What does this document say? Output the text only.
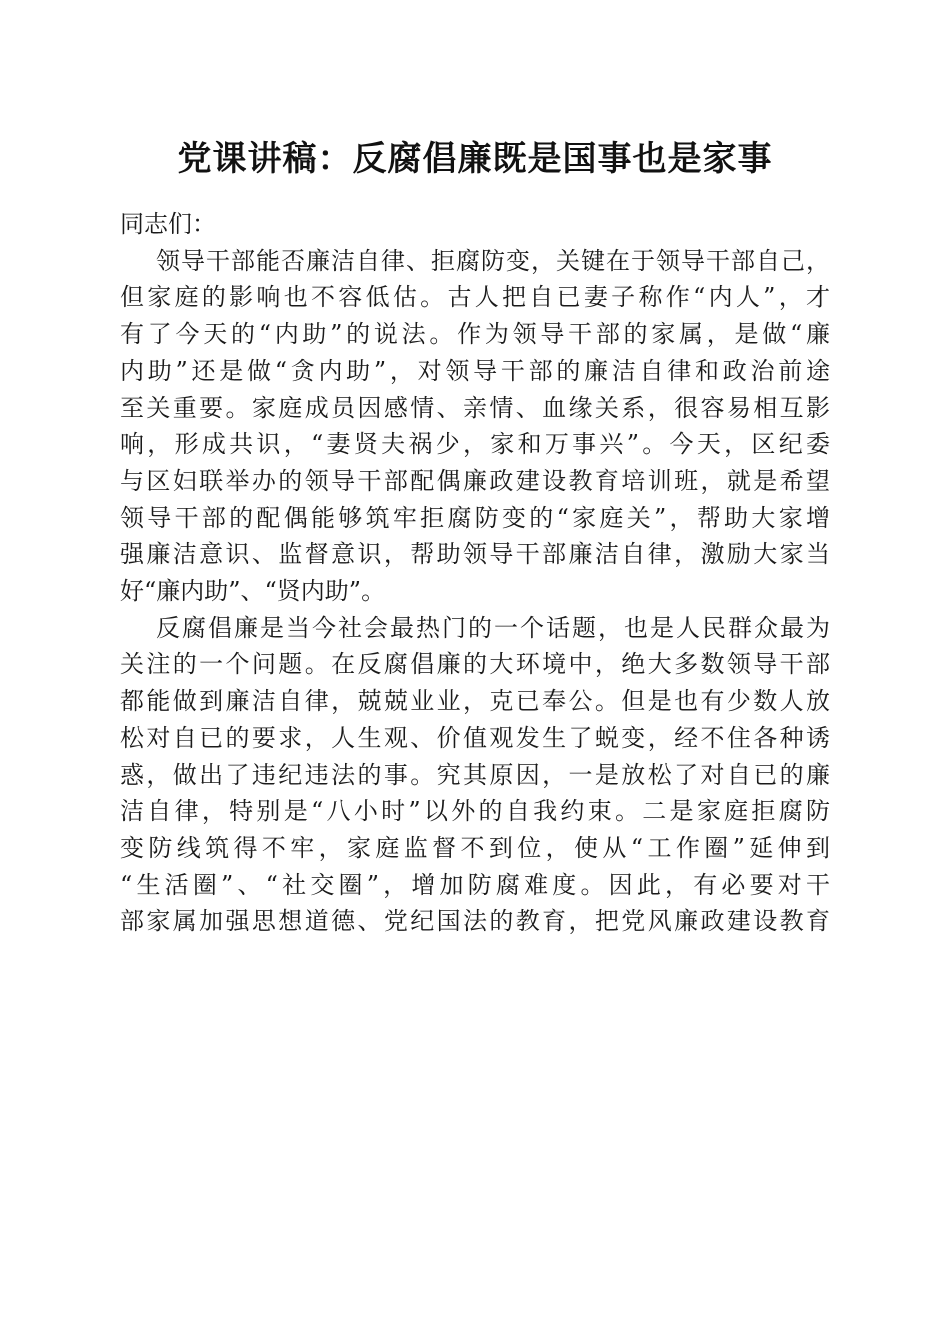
党课讲稿：反腐倡廉既是国事也是家事
同志们：
领导干部能否廉洁自律、拒腐防变，关键在于领导干部自己，
但家庭的影响也不容低估。古人把自已妻子称作“内人”，才
有了今天的“内助”的说法。作为领导干部的家属，是做“廉
内助”还是做“贪内助”，对领导干部的廉洁自律和政治前途
至关重要。家庭成员因感情、亲情、血缘关系，很容易相互影
响，形成共识，“妻贤夫祸少，家和万事兴”。今天，区纪委
与区妇联举办的领导干部配偶廉政建设教育培训班，就是希望
领导干部的配偶能够筑牢拒腐防变的“家庭关”，帮助大家增
强廉洁意识、监督意识，帮助领导干部廉洁自律，激励大家当
好“廉内助”、“贤内助”。
反腐倡廉是当今社会最热门的一个话题，也是人民群众最为
关注的一个问题。在反腐倡廉的大环境中，绝大多数领导干部
都能做到廉洁自律，兢兢业业，克已奉公。但是也有少数人放
松对自已的要求，人生观、价值观发生了蜕变，经不住各种诱
惑，做出了违纪违法的事。究其原因，一是放松了对自已的廉
洁自律，特别是“八小时”以外的自我约束。二是家庭拒腐防
变防线筑得不牢，家庭监督不到位，使从“工作圈”延伸到
“生活圈”、“社交圈”，增加防腐难度。因此，有必要对干
部家属加强思想道德、党纪国法的教育，把党风廉政建设教育
